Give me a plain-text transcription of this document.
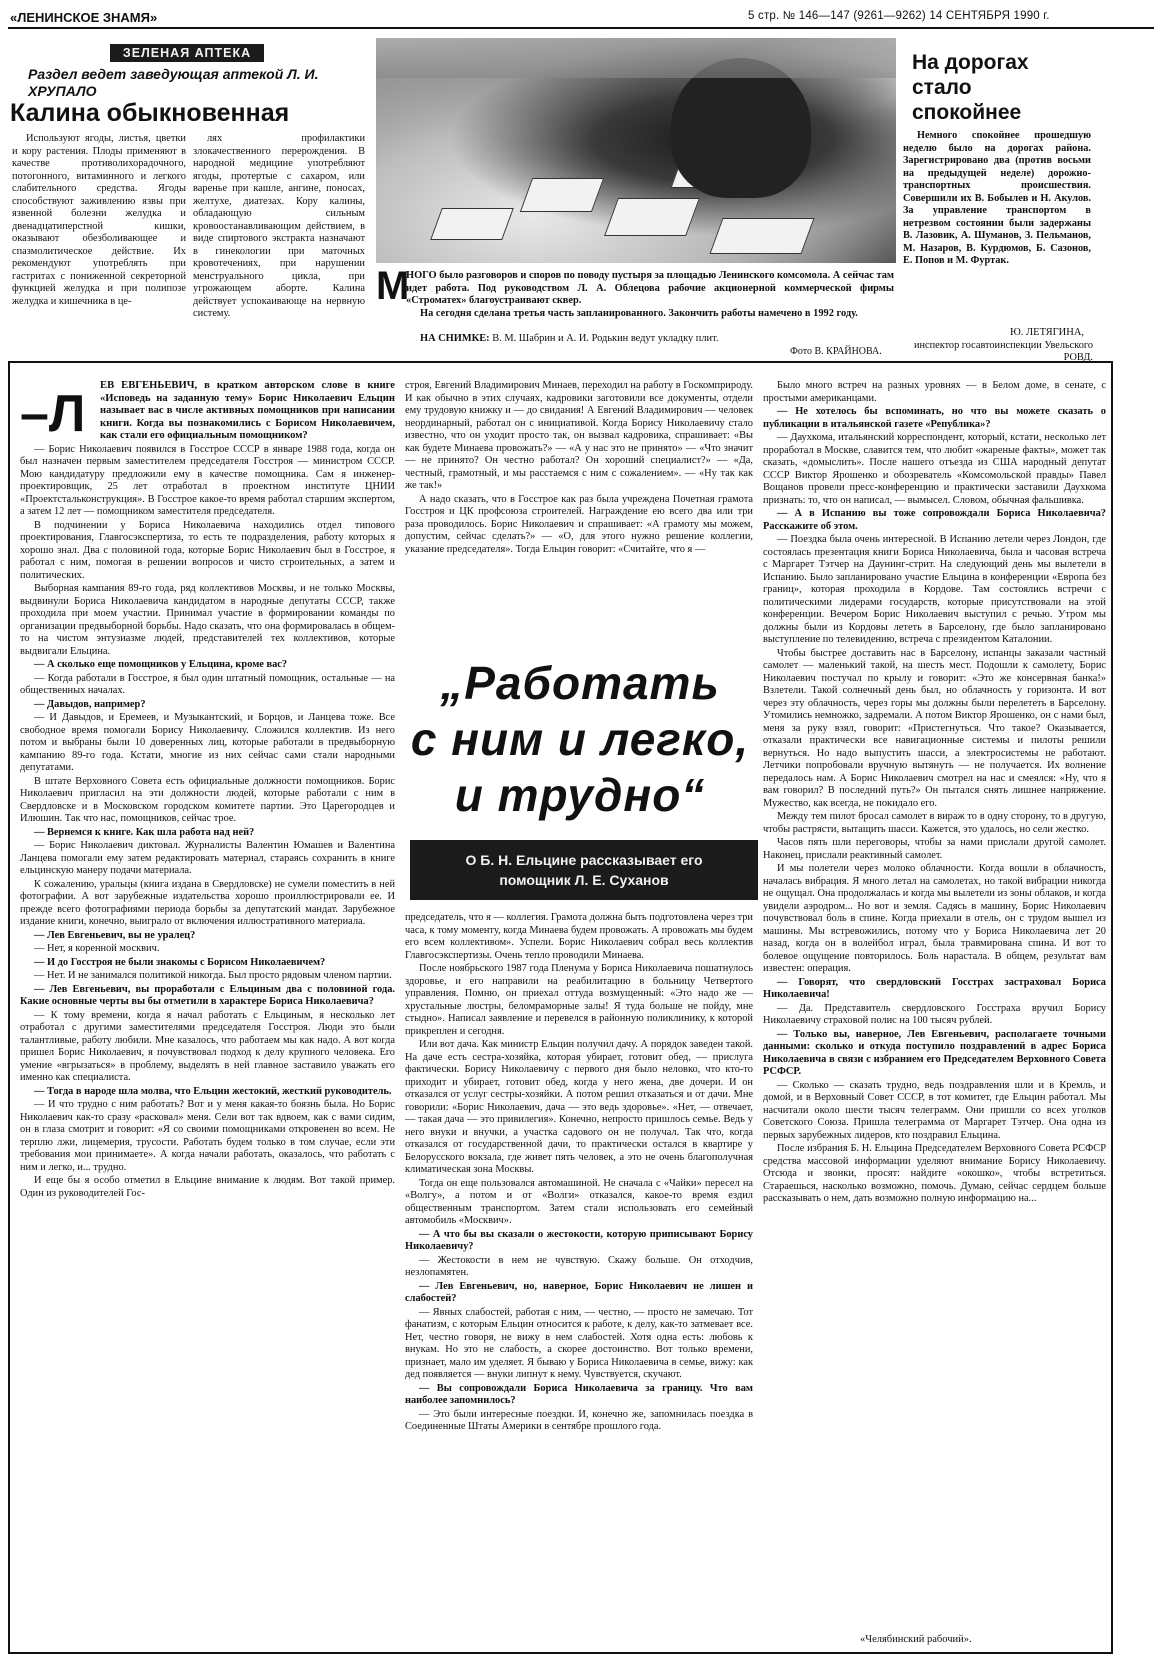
«ЛЕНИНСКОЕ ЗНАМЯ»	5 стр. № 146—147 (9261—9262) 14 СЕНТЯБРЯ 1990 г.
ЗЕЛЕНАЯ АПТЕКА
Раздел ведет заведующая аптекой Л. И. ХРУПАЛО
Калина обыкновенная

Используют ягоды, листья, цветки и кору растения. Плоды применяют в качестве противолихорадочного, потогонного, витаминного и легкого слабительного средства. Ягоды способствуют заживлению язвы при язвенной болезни желудка и двенадцатиперстной кишки, оказывают обезболивающее и спазмолитическое действие. Их рекомендуют употреблять при гастритах с пониженной секреторной функцией желудка и при полипозе желудка и кишечника в це-

лях профилактики злокачественного перерождения. В народной медицине употребляют ягоды, протертые с сахаром, или варенье при кашле, ангине, поносах, желтухе, диатезах. Кору калины, обладающую сильным кровоостанавливающим действием, в виде спиртового экстракта назначают в гинекологии при маточных кровотечениях, при нарушении менструального цикла, при угрожающем аборте. Калина действует успокаивающе на нервную систему.

На дорогах стало спокойнее

Немного спокойнее прошедшую неделю было на дорогах района. Зарегистрировано два (против восьми на предыдущей неделе) дорожно-транспортных происшествия. Совершили их В. Бобылев и Н. Акулов. За управление транспортом в нетрезвом состоянии были задержаны В. Лазовик, А. Шуманов, З. Пельманов, М. Назаров, В. Курдюмов, Б. Сазонов, Е. Попов и М. Фуртак.

Ю. ЛЕТЯГИНА,
инспектор госавтоинспекции Увельского РОВД.
М

НОГО было разговоров и споров по поводу пустыря за площадью Ленинского комсомола. А сейчас там идет работа. Под руководством Л. А. Облецова рабочие акционерной коммерческой фирмы «Строматех» благоустраивают сквер.

На сегодня сделана третья часть запланированного. Закончить работы намечено в 1992 году.

НА СНИМКЕ: В. М. Шабрин и А. И. Родькин ведут укладку плит.
Фото В. КРАЙНОВА.
–Л ЕВ ЕВГЕНЬЕВИЧ, в кратком авторском слове в книге «Исповедь на заданную тему» Борис Николаевич Ельцин называет вас в числе активных помощников при написании книги. Когда вы познакомились с Борисом Николаевичем, как стали его официальным помощником?

— Борис Николаевич появился в Госстрое СССР в январе 1988 года, когда он был назначен первым заместителем председателя Госстроя — министром СССР. Мою кандидатуру предложили ему в качестве помощника. Сам я инженер-проектировщик, 25 лет отработал в проектном институте ЦНИИ «Проектстальконструкция». В Госстрое какое-то время работал старшим экспертом, а затем 12 лет — помощником заместителя председателя.

В подчинении у Бориса Николаевича находились отдел типового проектирования, Главгосэкспертиза, то есть те подразделения, работу которых я хорошо знал. Два с половиной года, которые Борис Николаевич был в Госстрое, я работал с ним, помогая в решении вопросов и чисто строительных, а затем и политических.

Выборная кампания 89-го года, ряд коллективов Москвы, и не только Москвы, выдвинули Бориса Николаевича кандидатом в народные депутаты СССР, также проходила при моем участии. Принимал участие в формировании команды по организации предвыборной борьбы. Надо сказать, что она формировалась в общем-то на чистом энтузиазме людей, представителей тех коллективов, которые выдвигали Ельцина.

— А сколько еще помощников у Ельцина, кроме вас?

— Когда работали в Госстрое, я был один штатный помощник, остальные — на общественных началах.

— Давыдов, например?

— И Давыдов, и Еремеев, и Музыкантский, и Борцов, и Ланцева тоже. Все свободное время помогали Борису Николаевичу. Сложился коллектив. Из него потом и выбраны были 10 доверенных лиц, которые работали в предвыборную кампанию 89-го года. Кстати, многие из них сейчас сами стали народными депутатами.

В штате Верховного Совета есть официальные должности помощников. Борис Николаевич пригласил на эти должности людей, которые работали с ним в Свердловске и в Московском городском комитете партии. Это Царегородцев и Илюшин. Так что нас, помощников, сейчас трое.

— Вернемся к книге. Как шла работа над ней?

— Борис Николаевич диктовал. Журналисты Валентин Юмашев и Валентина Ланцева помогали ему затем редактировать материал, стараясь сохранить в книге ельцинскую манеру подачи материала.

К сожалению, уральцы (книга издана в Свердловске) не сумели поместить в ней фотографии. А вот зарубежные издательства хорошо проиллюстрировали ее. И прежде всего фотографиями периода борьбы за депутатский мандат. Зарубежное издание книги, конечно, выиграло от включения иллюстративного материала.

— Лев Евгеньевич, вы не уралец?

— Нет, я коренной москвич.

— И до Госстроя не были знакомы с Борисом Николаевичем?

— Нет. И не занимался политикой никогда. Был просто рядовым членом партии.

— Лев Евгеньевич, вы проработали с Ельциным два с половиной года. Какие основные черты вы бы отметили в характере Бориса Николаевича?

— К тому времени, когда я начал работать с Ельциным, я несколько лет отработал с другими заместителями председателя Госстроя. Люди это были талантливые, работу любили. Мне казалось, что работаем мы как надо. А вот когда пришел Борис Николаевич, я почувствовал подход к делу крупного человека. Его умение «вгрызаться» в проблему, выделять в ней главное заставило уважать его именно как специалиста.

— Тогда в народе шла молва, что Ельцин жестокий, жесткий руководитель.

— И что трудно с ним работать? Вот и у меня какая-то боязнь была. Но Борис Николаевич как-то сразу «расковал» меня. Сели вот так вдвоем, как с вами сидим, он в глаза смотрит и говорит: «Я со своими помощниками откровенен во всем. Не терплю лжи, лицемерия, трусости. Работать будем только в том случае, если эти требования мои принимаете». А когда начали работать, оказалось, что работать с ним и легко, и... трудно.

И еще бы я особо отметил в Ельцине внимание к людям. Вот такой пример. Один из руководителей Гос-

строя, Евгений Владимирович Минаев, переходил на работу в Госкомприроду. И как обычно в этих случаях, кадровики заготовили все документы, отдели ему трудовую книжку и — до свидания! А Евгений Владимирович — человек неординарный, работал он с инициативой. Когда Борису Николаевичу стало известно, что он уходит просто так, он вызвал кадровика, спрашивает: «Вы как будете Минаева провожать?» — «А у нас это не принято» — «Что значит — не принято? Он честно работал? Он хороший специалист?» — «Да, честный, грамотный, и мы расстаемся с ним с сожалением». — «Ну так как же так!»

А надо сказать, что в Госстрое как раз была учреждена Почетная грамота Госстроя и ЦК профсоюза строителей. Награждение ею всего два или три раза проводилось. Борис Николаевич и спрашивает: «А грамоту мы можем, допустим, сейчас сделать?» — «О, для этого нужно решение коллегии, указание председателя». Тогда Ельцин говорит: «Считайте, что я —

„Работать
с ним и легко,
и трудно“
О Б. Н. Ельцине рассказывает его помощник Л. Е. Суханов

председатель, что я — коллегия. Грамота должна быть подготовлена через три часа, к тому моменту, когда Минаева будем провожать. А провожать мы будем его всем коллективом». Успели. Борис Николаевич собрал весь коллектив Главгосэкспертизы. Очень тепло проводили Минаева.

После ноябрьского 1987 года Пленума у Бориса Николаевича пошатнулось здоровье, и его направили на реабилитацию в больницу Четвертого управления. Помню, он приехал оттуда возмущенный: «Это надо же — хрустальные люстры, беломраморные залы! Я туда больше не пойду, мне стыдно». Написал заявление и перевелся в районную поликлинику, к которой прикреплен и сегодня.

Или вот дача. Как министр Ельцин получил дачу. А порядок заведен такой. На даче есть сестра-хозяйка, которая убирает, готовит обед, — прислуга фактически. Борису Николаевичу с первого дня было неловко, что кто-то приходит и убирает, готовит обед, когда у него жена, две дочери. И он отказался от услуг сестры-хозяйки. А потом решил отказаться и от дачи. Мне говорили: «Борис Николаевич, дача — это ведь здоровье». «Нет, — отвечает, — такая дача — это привилегия». Конечно, непросто пришлось семье. Ведь у него внуки и внучки, а участка садового он не получал. Так что, когда отказался от государственной дачи, то практически остался в квартире у Белорусского вокзала, где живет пять человек, а это не очень благополучная климатическая зона Москвы.

Тогда он еще пользовался автомашиной. Не сначала с «Чайки» пересел на «Волгу», а потом и от «Волги» отказался, какое-то время ездил общественным транспортом. Затем стали использовать его семейный автомобиль «Москвич».

— А что бы вы сказали о жестокости, которую приписывают Борису Николаевичу?

— Жестокости в нем не чувствую. Скажу больше. Он отходчив, незлопамятен.

— Лев Евгеньевич, но, наверное, Борис Николаевич не лишен и слабостей?

— Явных слабостей, работая с ним, — честно, — просто не замечаю. Тот фанатизм, с которым Ельцин относится к работе, к делу, как-то затмевает все. Нет, честно говоря, не вижу в нем слабостей. Хотя одна есть: любовь к внукам. Но это не слабость, а скорее достоинство. Вот только времени, признает, мало им уделяет. Я бываю у Бориса Николаевича в семье, вижу: как дед появляется — внуки липнут к нему. Чувствуется, скучают.

— Вы сопровождали Бориса Николаевича за границу. Что вам наиболее запомнилось?

— Это были интересные поездки. И, конечно же, запомнилась поездка в Соединенные Штаты Америки в сентябре прошлого года.

Было много встреч на разных уровнях — в Белом доме, в сенате, с простыми американцами.

— Не хотелось бы вспоминать, но что вы можете сказать о публикации в итальянской газете «Република»?

— Даухкома, итальянский корреспондент, который, кстати, несколько лет проработал в Москве, славится тем, что любит «жареные факты», может так сказать, «домыслить». После нашего отъезда из США народный депутат СССР Виктор Ярошенко и обозреватель «Комсомольской правды» Павел Вощанов провели пресс-конференцию и практически заставили Даухкома признать: то, что он написал, — вымысел. Словом, обычная фальшивка.

— А в Испанию вы тоже сопровождали Бориса Николаевича? Расскажите об этом.

— Поездка была очень интересной. В Испанию летели через Лондон, где состоялась презентация книги Бориса Николаевича, была и часовая встреча с Маргарет Тэтчер на Даунинг-стрит. На следующий день мы вылетели в Испанию. Было запланировано участие Ельцина в конференции «Европа без границ», которая проходила в Кордове. Там состоялись встречи с политическими лидерами государств, которые присутствовали на этой конференции. Вечером Борис Николаевич выступил с речью. Утром мы должны были из Кордовы лететь в Барселону, где было запланировано выступление по телевидению, встреча с президентом Каталонии.

Чтобы быстрее доставить нас в Барселону, испанцы заказали частный самолет — маленький такой, на шесть мест. Подошли к самолету, Борис Николаевич постучал по крылу и говорит: «Это же консервная банка!» Взлетели. Такой солнечный день был, но облачность у горизонта. И вот через эту облачность, через горы мы должны были перелететь в Барселону. Утомились немножко, задремали. А потом Виктор Ярошенко, он с нами был, меня за руку взял, говорит: «Пристегнуться. Что такое? Оказывается, отказали практически все навигационные системы и пилоты решили вернуться. Но надо выпустить шасси, а электросистемы не работают. Летчики попробовали вручную вытянуть — не получается. Их волнение передалось нам. А Борис Николаевич смотрел на нас и смеялся: «Ну, что я вам говорил? В последний путь?» Он пытался снять лишнее напряжение. Мужество, как всегда, не покидало его.

Между тем пилот бросал самолет в вираж то в одну сторону, то в другую, чтобы растрясти, вытащить шасси. Кажется, это удалось, но сели жестко.

Часов пять шли переговоры, чтобы за нами прислали другой самолет. Наконец, прислали реактивный самолет.

И мы полетели через молоко облачности. Когда вошли в облачность, началась вибрация. Я много летал на самолетах, но такой вибрации никогда не ощущал. Она продолжалась и когда мы вылетели из зоны облаков, и когда увидели аэродром... Но вот и земля. Садясь в машину, Борис Николаевич почувствовал боль в спине. Когда приехали в отель, он с трудом вышел из машины. Мы встревожились, потому что у Бориса Николаевича лет 20 назад, когда он в волейбол играл, была травмирована спина. И вот то болевое ощущение повторилось. Боль нарастала. В общем, результат вам известен: операция.

— Говорят, что свердловский Госстрах застраховал Бориса Николаевича!

— Да. Представитель свердловского Госстраха вручил Борису Николаевичу страховой полис на 100 тысяч рублей.

— Только вы, наверное, Лев Евгеньевич, располагаете точными данными: сколько и откуда поступило поздравлений в адрес Бориса Николаевича в связи с избранием его Председателем Верховного Совета РСФСР.

— Сколько — сказать трудно, ведь поздравления шли и в Кремль, и домой, и в Верховный Совет СССР, в тот комитет, где Ельцин работал. Мы насчитали около шести тысяч телеграмм. Они пришли со всех уголков Советского Союза. Пришла телеграмма от Маргарет Тэтчер. Она одна из первых зарубежных лидеров, кто поздравил Ельцина.

После избрания Б. Н. Ельцина Председателем Верховного Совета РСФСР средства массовой информации уделяют внимание Борису Николаевичу. Отсюда и звонки, просят: найдите «окошко», чтобы встретиться. Стараешься, насколько возможно, помочь. Думаю, сейчас сердцем больше рассказывать о нем, дать возможно полную информацию на...

«Челябинский рабочий».
